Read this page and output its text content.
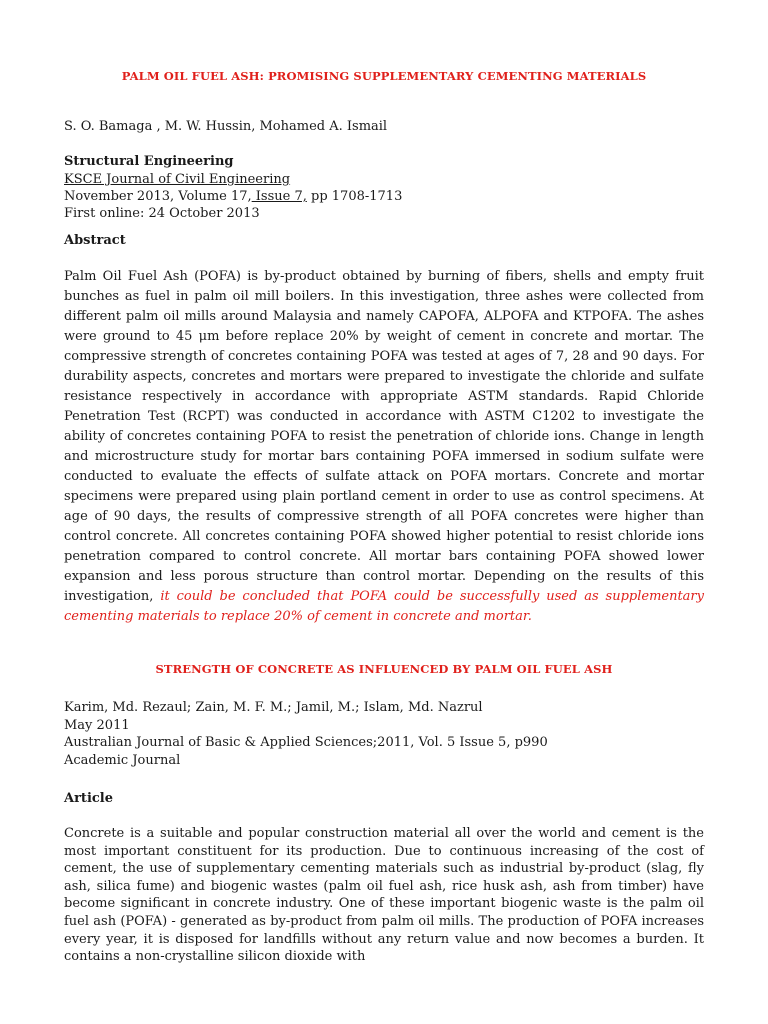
PALM OIL FUEL ASH: PROMISING SUPPLEMENTARY CEMENTING MATERIALS
S. O. Bamaga , M. W. Hussin, Mohamed A. Ismail
Structural Engineering
KSCE Journal of Civil Engineering
November 2013, Volume 17, Issue 7, pp 1708-1713
First online: 24 October 2013
Abstract

Palm Oil Fuel Ash (POFA) is by-product obtained by burning of fibers, shells and empty fruit bunches as fuel in palm oil mill boilers. In this investigation, three ashes were collected from different palm oil mills around Malaysia and namely CAPOFA, ALPOFA and KTPOFA. The ashes were ground to 45 μm before replace 20% by weight of cement in concrete and mortar. The compressive strength of concretes containing POFA was tested at ages of 7, 28 and 90 days. For durability aspects, concretes and mortars were prepared to investigate the chloride and sulfate resistance respectively in accordance with appropriate ASTM standards. Rapid Chloride Penetration Test (RCPT) was conducted in accordance with ASTM C1202 to investigate the ability of concretes containing POFA to resist the penetration of chloride ions. Change in length and microstructure study for mortar bars containing POFA immersed in sodium sulfate were conducted to evaluate the effects of sulfate attack on POFA mortars. Concrete and mortar specimens were prepared using plain portland cement in order to use as control specimens. At age of 90 days, the results of compressive strength of all POFA concretes were higher than control concrete. All concretes containing POFA showed higher potential to resist chloride ions penetration compared to control concrete. All mortar bars containing POFA showed lower expansion and less porous structure than control mortar. Depending on the results of this investigation, it could be concluded that POFA could be successfully used as supplementary cementing materials to replace 20% of cement in concrete and mortar.

STRENGTH OF CONCRETE AS INFLUENCED BY PALM OIL FUEL ASH
Karim, Md. Rezaul; Zain, M. F. M.; Jamil, M.; Islam, Md. Nazrul
May 2011
Australian Journal of Basic & Applied Sciences;2011, Vol. 5 Issue 5, p990
Academic Journal
Article

Concrete is a suitable and popular construction material all over the world and cement is the most important constituent for its production. Due to continuous increasing of the cost of cement, the use of supplementary cementing materials such as industrial by-product (slag, fly ash, silica fume) and biogenic wastes (palm oil fuel ash, rice husk ash, ash from timber) have become significant in concrete industry. One of these important biogenic waste is the palm oil fuel ash (POFA) - generated as by-product from palm oil mills. The production of POFA increases every year, it is disposed for landfills without any return value and now becomes a burden. It contains a non-crystalline silicon dioxide with
